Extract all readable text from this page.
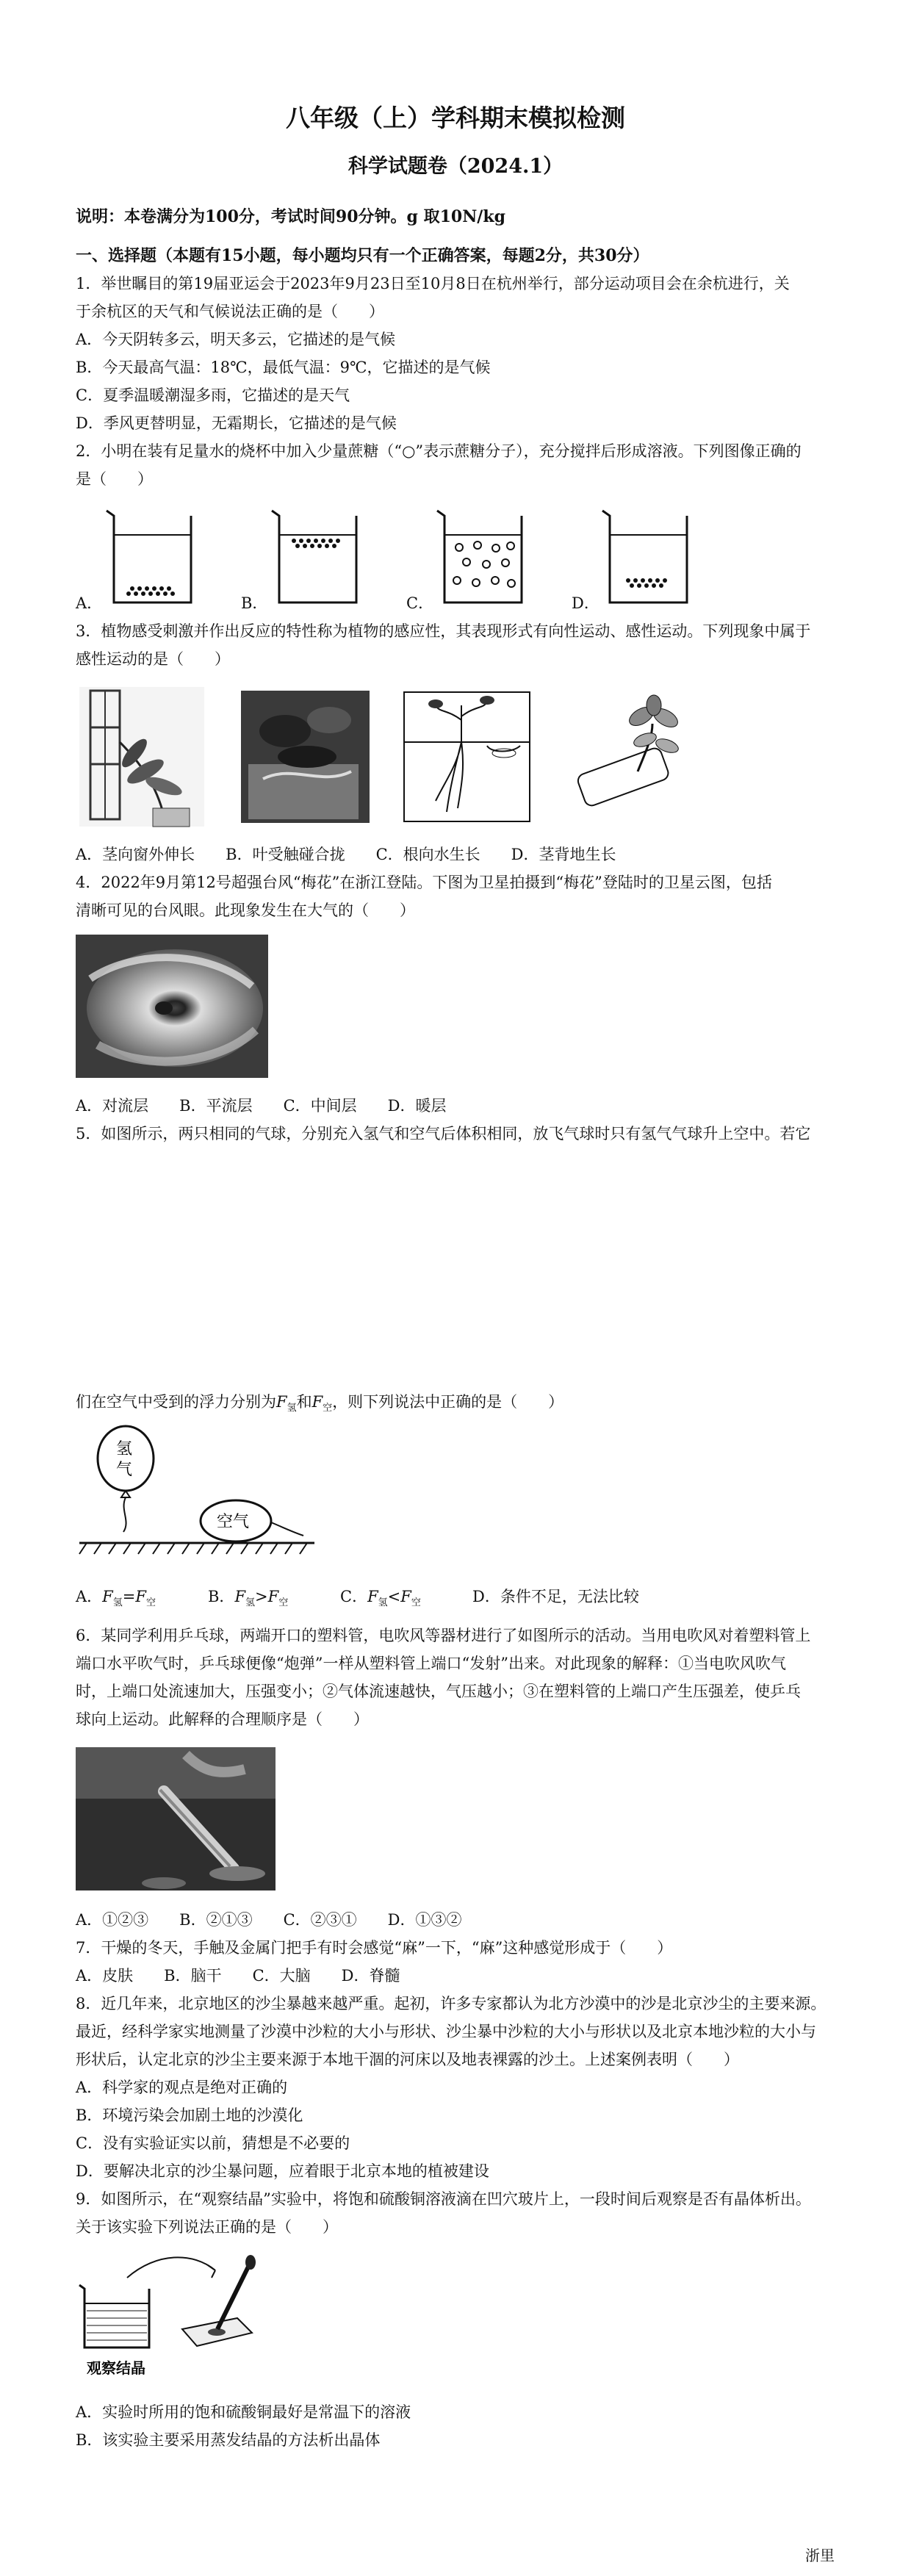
八年级（上）学科期末模拟检测
科学试题卷（2024.1）
说明：本卷满分为100分，考试时间90分钟。g 取10N/kg
一、选择题（本题有15小题，每小题均只有一个正确答案，每题2分，共30分）
1．举世瞩目的第19届亚运会于2023年9月23日至10月8日在杭州举行，部分运动项目会在余杭进行，关
于余杭区的天气和气候说法正确的是（　　）
A．今天阴转多云，明天多云，它描述的是气候
B．今天最高气温：18℃，最低气温：9℃，它描述的是气候
C．夏季温暖潮湿多雨，它描述的是天气
D．季风更替明显，无霜期长，它描述的是气候
2．小明在装有足量水的烧杯中加入少量蔗糖（“○”表示蔗糖分子），充分搅拌后形成溶液。下列图像正确的
是（　　）
A．	B．	C．	D．
3．植物感受刺激并作出反应的特性称为植物的感应性，其表现形式有向性运动、感性运动。下列现象中属于
感性运动的是（　　）
A．茎向窗外伸长　　B．叶受触碰合拢　　C．根向水生长　　D．茎背地生长
4．2022年9月第12号超强台风“梅花”在浙江登陆。下图为卫星拍摄到“梅花”登陆时的卫星云图，包括
清晰可见的台风眼。此现象发生在大气的（　　）
A．对流层　　B．平流层　　C．中间层　　D．暖层
5．如图所示，两只相同的气球，分别充入氢气和空气后体积相同，放飞气球时只有氢气气球升上空中。若它
们在空气中受到的浮力分别为$F_氢$和$F_空$，则下列说法中正确的是（　　）
氢
气
空气
A．$F_氢=F_空$	B．$F_氢>F_空$	C．$F_氢<F_空$	D．条件不足，无法比较
6．某同学利用乒乓球，两端开口的塑料管，电吹风等器材进行了如图所示的活动。当用电吹风对着塑料管上
端口水平吹气时，乒乓球便像“炮弹”一样从塑料管上端口“发射”出来。对此现象的解释：①当电吹风吹气
时，上端口处流速加大，压强变小；②气体流速越快，气压越小；③在塑料管的上端口产生压强差，使乒乓
球向上运动。此解释的合理顺序是（　　）
A．①②③　　B．②①③　　C．②③①　　D．①③②
7．干燥的冬天，手触及金属门把手有时会感觉“麻”一下，“麻”这种感觉形成于（　　）
A．皮肤　　B．脑干　　C．大脑　　D．脊髓
8．近几年来，北京地区的沙尘暴越来越严重。起初，许多专家都认为北方沙漠中的沙是北京沙尘的主要来源。
最近，经科学家实地测量了沙漠中沙粒的大小与形状、沙尘暴中沙粒的大小与形状以及北京本地沙粒的大小与
形状后，认定北京的沙尘主要来源于本地干涸的河床以及地表裸露的沙土。上述案例表明（　　）
A．科学家的观点是绝对正确的
B．环境污染会加剧土地的沙漠化
C．没有实验证实以前，猜想是不必要的
D．要解决北京的沙尘暴问题，应着眼于北京本地的植被建设
9．如图所示，在“观察结晶”实验中，将饱和硫酸铜溶液滴在凹穴玻片上，一段时间后观察是否有晶体析出。
关于该实验下列说法正确的是（　　）
观察结晶
A．实验时所用的饱和硫酸铜最好是常温下的溶液
B．该实验主要采用蒸发结晶的方法析出晶体
浙里
